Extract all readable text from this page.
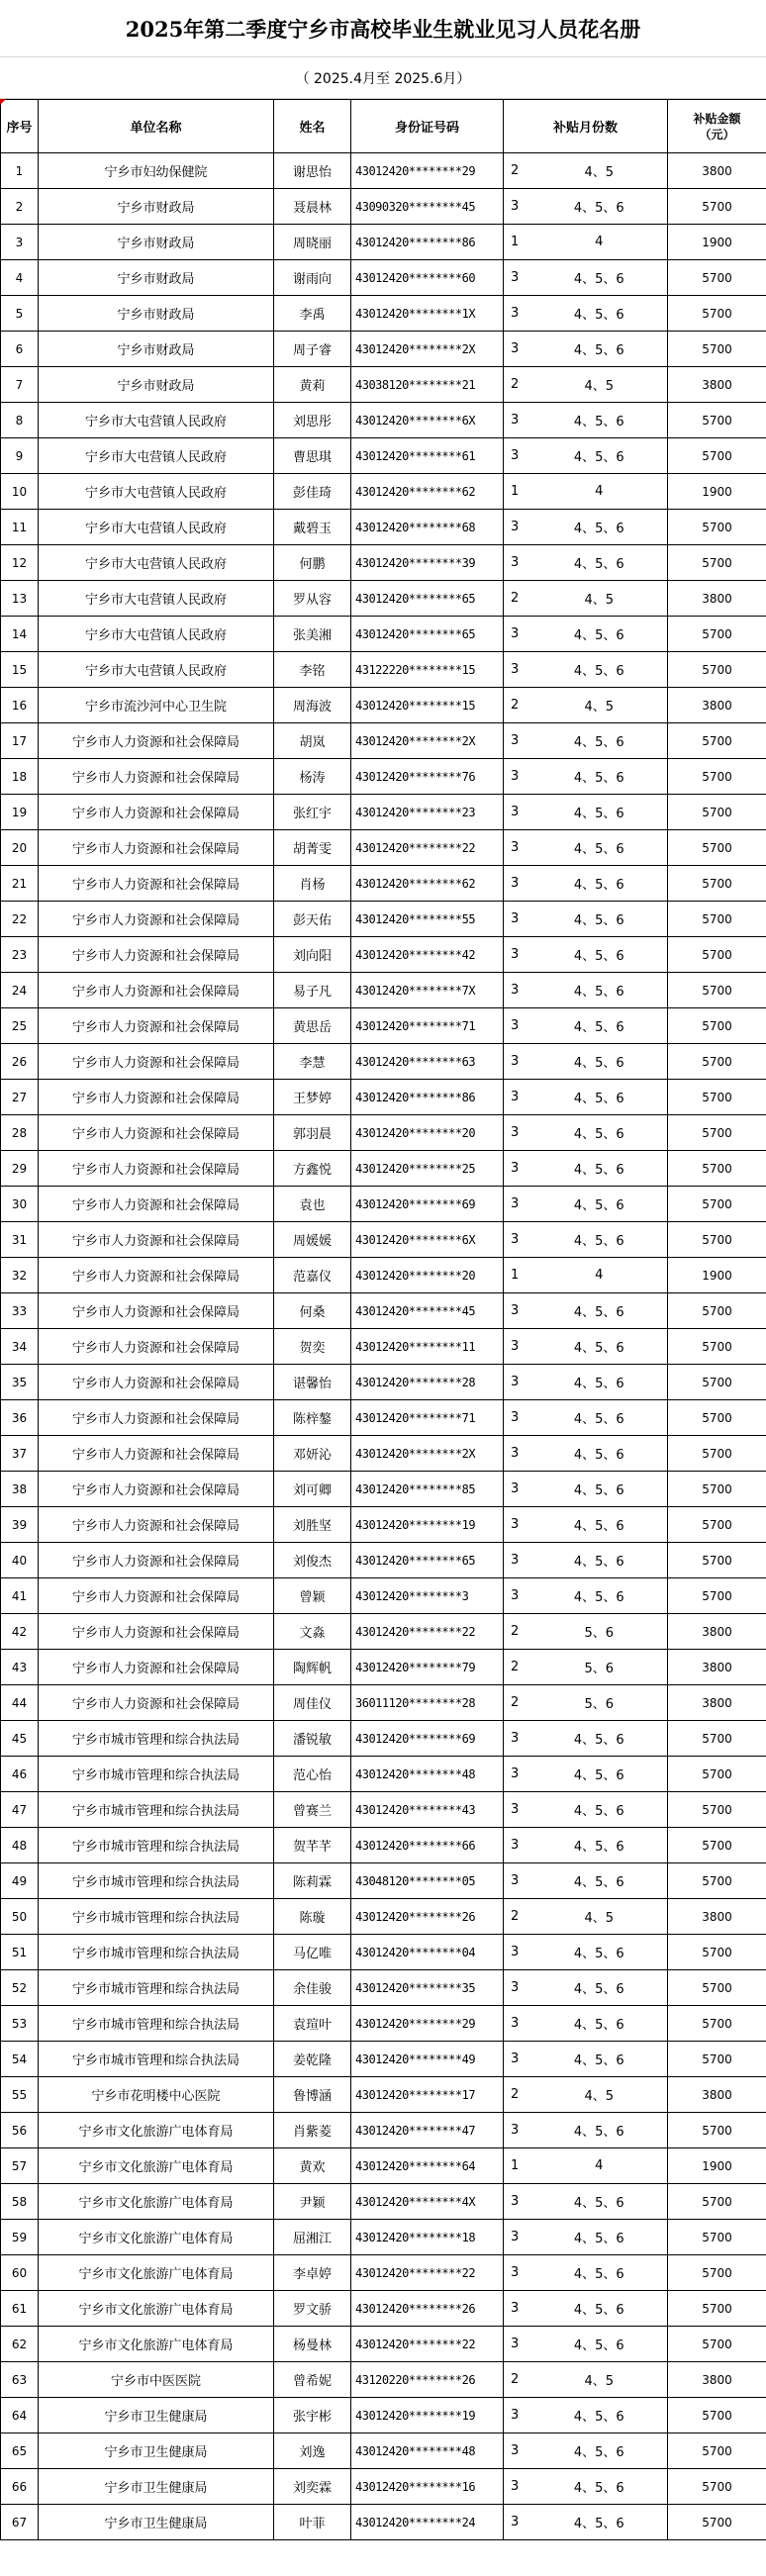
2025年第二季度宁乡市高校毕业生就业见习人员花名册
（ 2025.4月至 2025.6月）
序号	单位名称	姓名	身份证号码	补贴月份数		补贴金额
（元）
1	宁乡市妇幼保健院	谢思怡	43012420********29	2	4、5	3800
2	宁乡市财政局	聂晨林	43090320********45	3	4、5、6	5700
3	宁乡市财政局	周晓丽	43012420********86	1	4	1900
4	宁乡市财政局	谢雨向	43012420********60	3	4、5、6	5700
5	宁乡市财政局	李禹	43012420********1X	3	4、5、6	5700
6	宁乡市财政局	周子睿	43012420********2X	3	4、5、6	5700
7	宁乡市财政局	黄莉	43038120********21	2	4、5	3800
8	宁乡市大屯营镇人民政府	刘思彤	43012420********6X	3	4、5、6	5700
9	宁乡市大屯营镇人民政府	曹思琪	43012420********61	3	4、5、6	5700
10	宁乡市大屯营镇人民政府	彭佳琦	43012420********62	1	4	1900
11	宁乡市大屯营镇人民政府	戴碧玉	43012420********68	3	4、5、6	5700
12	宁乡市大屯营镇人民政府	何鹏	43012420********39	3	4、5、6	5700
13	宁乡市大屯营镇人民政府	罗从容	43012420********65	2	4、5	3800
14	宁乡市大屯营镇人民政府	张美湘	43012420********65	3	4、5、6	5700
15	宁乡市大屯营镇人民政府	李铭	43122220********15	3	4、5、6	5700
16	宁乡市流沙河中心卫生院	周海波	43012420********15	2	4、5	3800
17	宁乡市人力资源和社会保障局	胡岚	43012420********2X	3	4、5、6	5700
18	宁乡市人力资源和社会保障局	杨涛	43012420********76	3	4、5、6	5700
19	宁乡市人力资源和社会保障局	张红宇	43012420********23	3	4、5、6	5700
20	宁乡市人力资源和社会保障局	胡菁雯	43012420********22	3	4、5、6	5700
21	宁乡市人力资源和社会保障局	肖杨	43012420********62	3	4、5、6	5700
22	宁乡市人力资源和社会保障局	彭天佑	43012420********55	3	4、5、6	5700
23	宁乡市人力资源和社会保障局	刘向阳	43012420********42	3	4、5、6	5700
24	宁乡市人力资源和社会保障局	易子凡	43012420********7X	3	4、5、6	5700
25	宁乡市人力资源和社会保障局	黄思岳	43012420********71	3	4、5、6	5700
26	宁乡市人力资源和社会保障局	李慧	43012420********63	3	4、5、6	5700
27	宁乡市人力资源和社会保障局	王梦婷	43012420********86	3	4、5、6	5700
28	宁乡市人力资源和社会保障局	郭羽晨	43012420********20	3	4、5、6	5700
29	宁乡市人力资源和社会保障局	方鑫悦	43012420********25	3	4、5、6	5700
30	宁乡市人力资源和社会保障局	袁也	43012420********69	3	4、5、6	5700
31	宁乡市人力资源和社会保障局	周媛媛	43012420********6X	3	4、5、6	5700
32	宁乡市人力资源和社会保障局	范嘉仪	43012420********20	1	4	1900
33	宁乡市人力资源和社会保障局	何桑	43012420********45	3	4、5、6	5700
34	宁乡市人力资源和社会保障局	贺奕	43012420********11	3	4、5、6	5700
35	宁乡市人力资源和社会保障局	谌馨怡	43012420********28	3	4、5、6	5700
36	宁乡市人力资源和社会保障局	陈梓鏊	43012420********71	3	4、5、6	5700
37	宁乡市人力资源和社会保障局	邓妍沁	43012420********2X	3	4、5、6	5700
38	宁乡市人力资源和社会保障局	刘可卿	43012420********85	3	4、5、6	5700
39	宁乡市人力资源和社会保障局	刘胜坚	43012420********19	3	4、5、6	5700
40	宁乡市人力资源和社会保障局	刘俊杰	43012420********65	3	4、5、6	5700
41	宁乡市人力资源和社会保障局	曾颖	43012420********3	3	4、5、6	5700
42	宁乡市人力资源和社会保障局	文淼	43012420********22	2	5、6	3800
43	宁乡市人力资源和社会保障局	陶辉帆	43012420********79	2	5、6	3800
44	宁乡市人力资源和社会保障局	周佳仪	36011120********28	2	5、6	3800
45	宁乡市城市管理和综合执法局	潘锐敏	43012420********69	3	4、5、6	5700
46	宁乡市城市管理和综合执法局	范心怡	43012420********48	3	4、5、6	5700
47	宁乡市城市管理和综合执法局	曾赛兰	43012420********43	3	4、5、6	5700
48	宁乡市城市管理和综合执法局	贺芊芊	43012420********66	3	4、5、6	5700
49	宁乡市城市管理和综合执法局	陈莉霖	43048120********05	3	4、5、6	5700
50	宁乡市城市管理和综合执法局	陈璇	43012420********26	2	4、5	3800
51	宁乡市城市管理和综合执法局	马亿唯	43012420********04	3	4、5、6	5700
52	宁乡市城市管理和综合执法局	余佳骏	43012420********35	3	4、5、6	5700
53	宁乡市城市管理和综合执法局	袁瑄叶	43012420********29	3	4、5、6	5700
54	宁乡市城市管理和综合执法局	姜乾隆	43012420********49	3	4、5、6	5700
55	宁乡市花明楼中心医院	鲁博涵	43012420********17	2	4、5	3800
56	宁乡市文化旅游广电体育局	肖紫菱	43012420********47	3	4、5、6	5700
57	宁乡市文化旅游广电体育局	黄欢	43012420********64	1	4	1900
58	宁乡市文化旅游广电体育局	尹颖	43012420********4X	3	4、5、6	5700
59	宁乡市文化旅游广电体育局	屈湘江	43012420********18	3	4、5、6	5700
60	宁乡市文化旅游广电体育局	李卓婷	43012420********22	3	4、5、6	5700
61	宁乡市文化旅游广电体育局	罗文骄	43012420********26	3	4、5、6	5700
62	宁乡市文化旅游广电体育局	杨曼林	43012420********22	3	4、5、6	5700
63	宁乡市中医医院	曾希妮	43120220********26	2	4、5	3800
64	宁乡市卫生健康局	张宇彬	43012420********19	3	4、5、6	5700
65	宁乡市卫生健康局	刘逸	43012420********48	3	4、5、6	5700
66	宁乡市卫生健康局	刘奕霖	43012420********16	3	4、5、6	5700
67	宁乡市卫生健康局	叶菲	43012420********24	3	4、5、6	5700
